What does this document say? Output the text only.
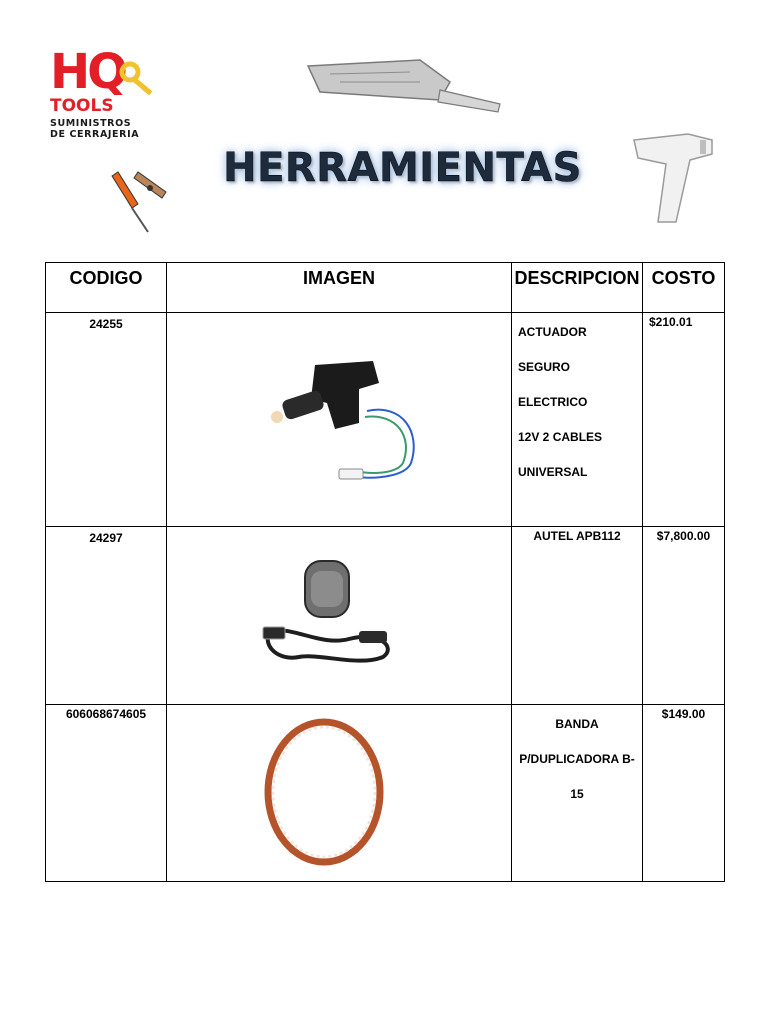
HQ
TOOLS
SUMINISTROS
DE CERRAJERIA
HERRAMIENTAS
CODIGO	IMAGEN	DESCRIPCION	COSTO
24255		ACTUADOR
SEGURO ELECTRICO
12V 2 CABLES
UNIVERSAL	$210.01
24297		AUTEL APB112	$7,800.00
606068674605		BANDA
P/DUPLICADORA B-
15	$149.00
